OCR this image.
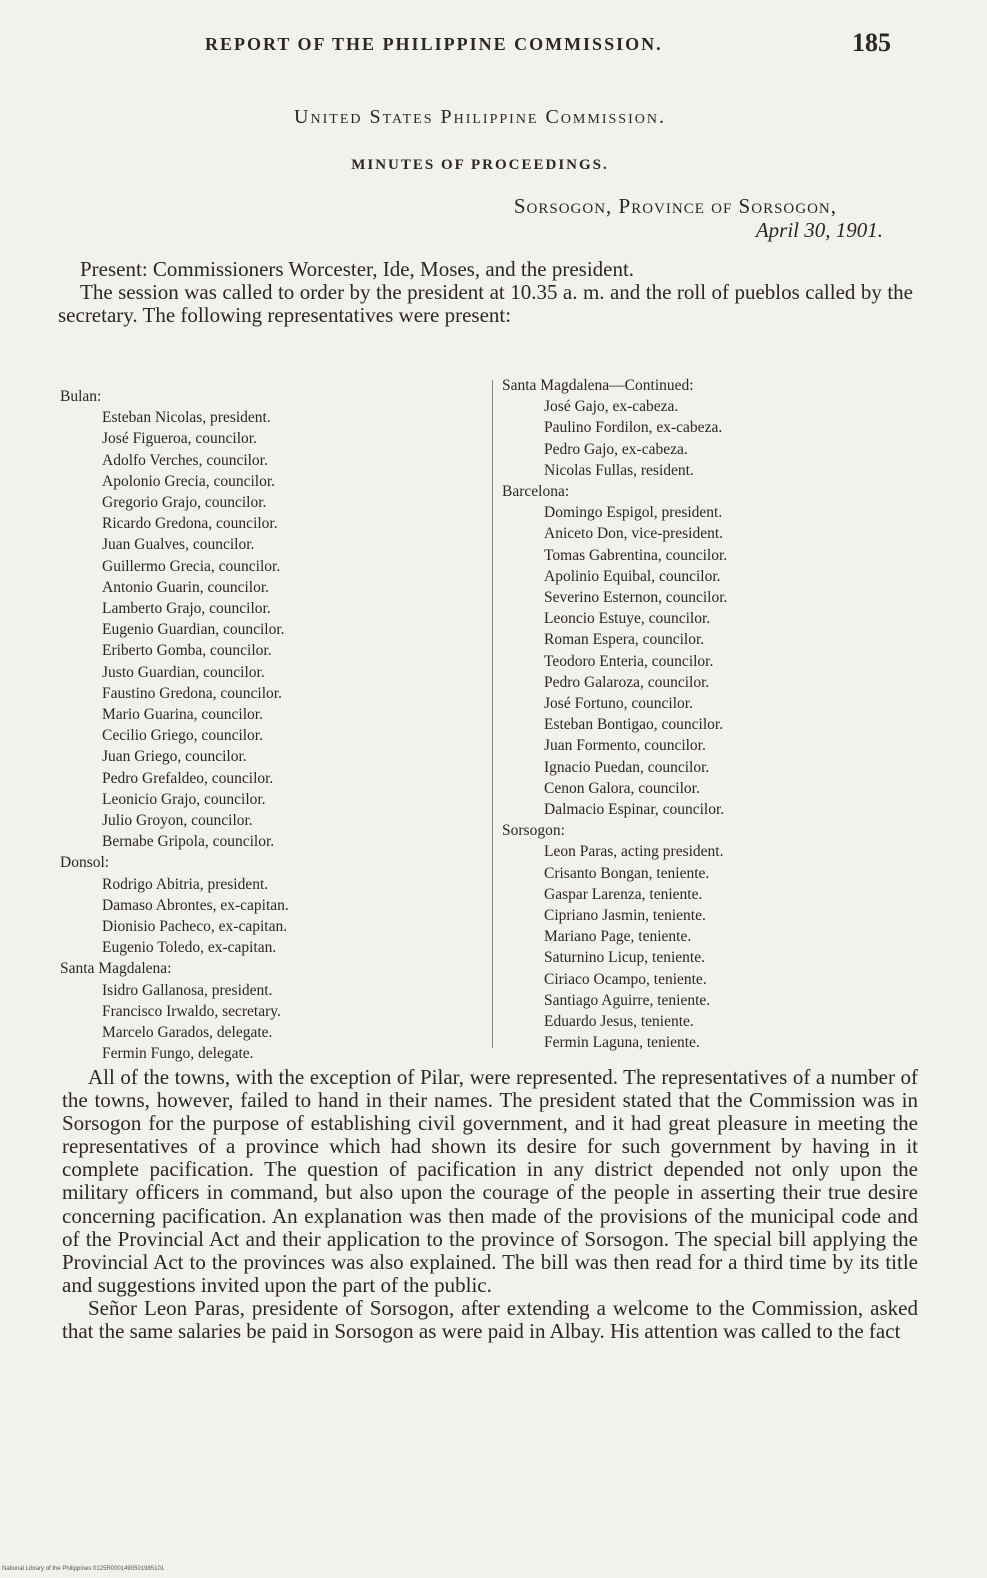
REPORT OF THE PHILIPPINE COMMISSION.	185
United States Philippine Commission.
MINUTES OF PROCEEDINGS.
Sorsogon, Province of Sorsogon,
April 30, 1901.

Present: Commissioners Worcester, Ide, Moses, and the president.

The session was called to order by the president at 10.35 a. m. and the roll of pueblos called by the secretary. The following representatives were present:

Bulan:
Esteban Nicolas, president.
José Figueroa, councilor.
Adolfo Verches, councilor.
Apolonio Grecia, councilor.
Gregorio Grajo, councilor.
Ricardo Gredona, councilor.
Juan Gualves, councilor.
Guillermo Grecia, councilor.
Antonio Guarin, councilor.
Lamberto Grajo, councilor.
Eugenio Guardian, councilor.
Eriberto Gomba, councilor.
Justo Guardian, councilor.
Faustino Gredona, councilor.
Mario Guarina, councilor.
Cecilio Griego, councilor.
Juan Griego, councilor.
Pedro Grefaldeo, councilor.
Leonicio Grajo, councilor.
Julio Groyon, councilor.
Bernabe Gripola, councilor.
Donsol:
Rodrigo Abitria, president.
Damaso Abrontes, ex-capitan.
Dionisio Pacheco, ex-capitan.
Eugenio Toledo, ex-capitan.
Santa Magdalena:
Isidro Gallanosa, president.
Francisco Irwaldo, secretary.
Marcelo Garados, delegate.
Fermin Fungo, delegate.
Santa Magdalena—Continued:
José Gajo, ex-cabeza.
Paulino Fordilon, ex-cabeza.
Pedro Gajo, ex-cabeza.
Nicolas Fullas, resident.
Barcelona:
Domingo Espigol, president.
Aniceto Don, vice-president.
Tomas Gabrentina, councilor.
Apolinio Equibal, councilor.
Severino Esternon, councilor.
Leoncio Estuye, councilor.
Roman Espera, councilor.
Teodoro Enteria, councilor.
Pedro Galaroza, councilor.
José Fortuno, councilor.
Esteban Bontigao, councilor.
Juan Formento, councilor.
Ignacio Puedan, councilor.
Cenon Galora, councilor.
Dalmacio Espinar, councilor.
Sorsogon:
Leon Paras, acting president.
Crisanto Bongan, teniente.
Gaspar Larenza, teniente.
Cipriano Jasmin, teniente.
Mariano Page, teniente.
Saturnino Licup, teniente.
Ciriaco Ocampo, teniente.
Santiago Aguirre, teniente.
Eduardo Jesus, teniente.
Fermin Laguna, teniente.

All of the towns, with the exception of Pilar, were represented. The representatives of a number of the towns, however, failed to hand in their names. The president stated that the Commission was in Sorsogon for the purpose of establishing civil government, and it had great pleasure in meeting the representatives of a province which had shown its desire for such government by having in it complete pacification. The question of pacification in any district depended not only upon the military officers in command, but also upon the courage of the people in asserting their true desire concerning pacification. An explanation was then made of the provisions of the municipal code and of the Provincial Act and their application to the province of Sorsogon. The special bill applying the Provincial Act to the provinces was also explained. The bill was then read for a third time by its title and suggestions invited upon the part of the public.

Señor Leon Paras, presidente of Sorsogon, after extending a welcome to the Commission, asked that the same salaries be paid in Sorsogon as were paid in Albay. His attention was called to the fact

National Library of the Philippines 0125R0001490501985101
